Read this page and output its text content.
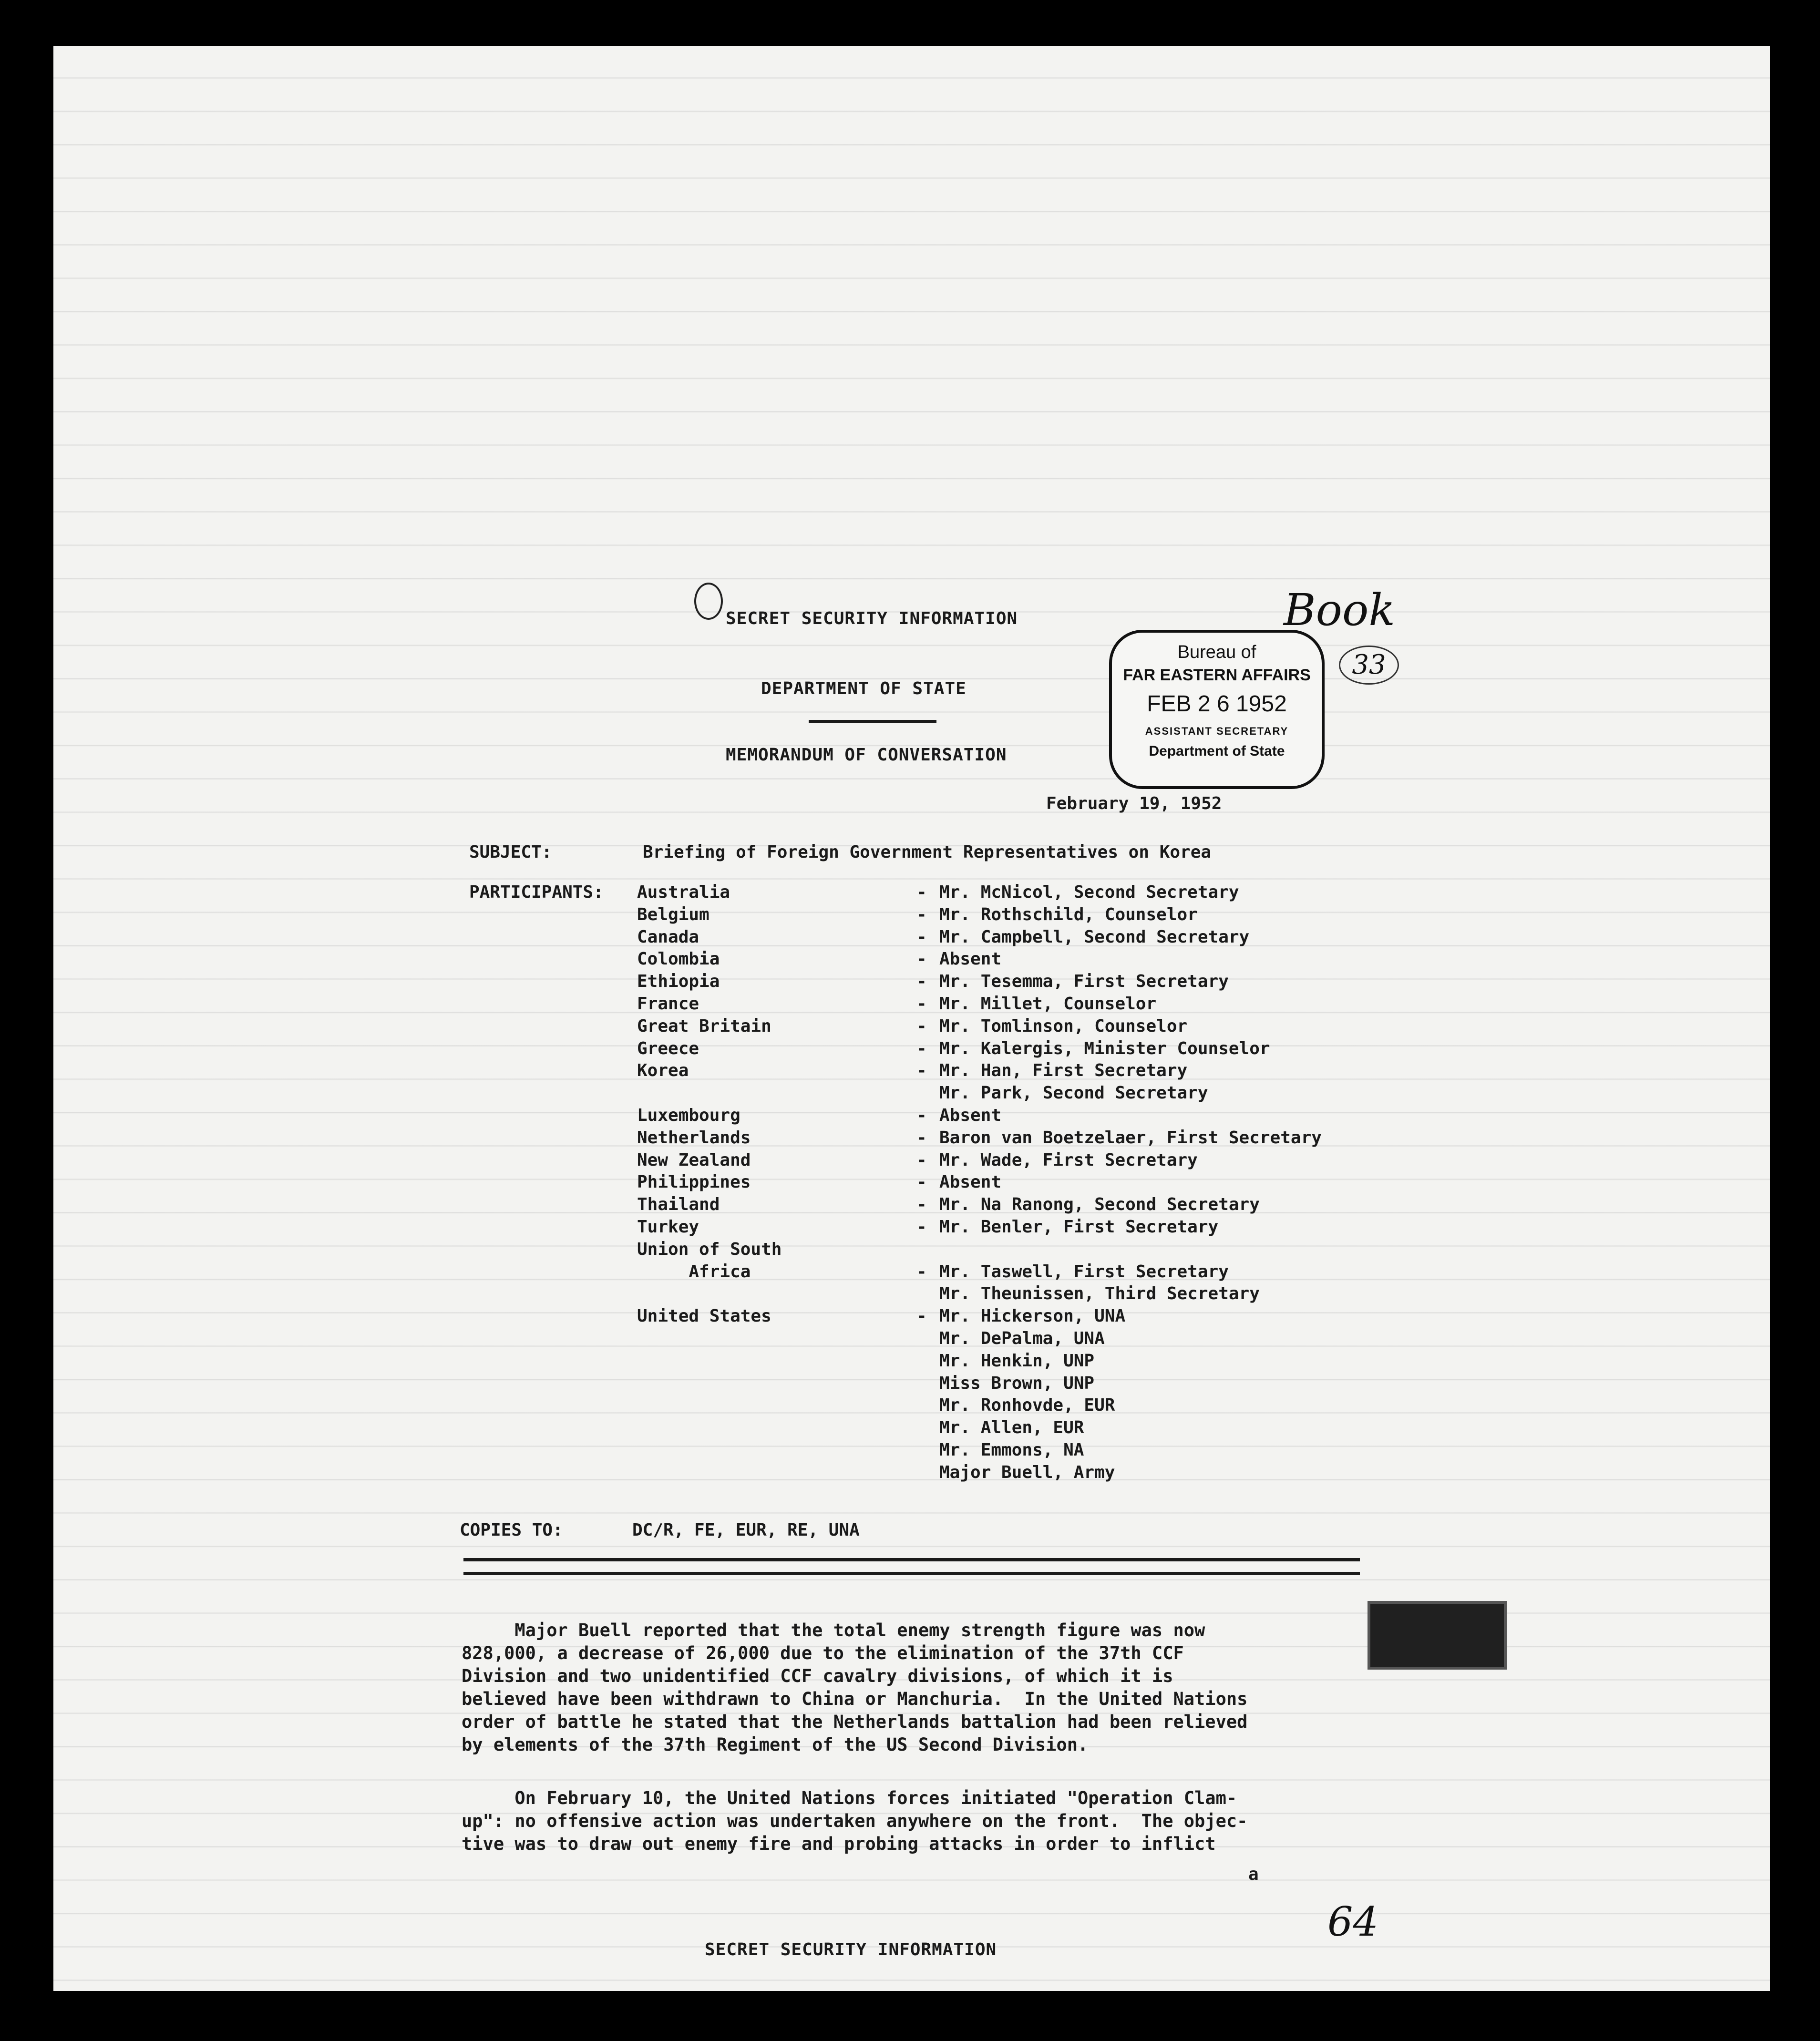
SECRET SECURITY INFORMATION
DEPARTMENT OF STATE
MEMORANDUM OF CONVERSATION
February 19, 1952
Bureau of
FAR EASTERN AFFAIRS
FEB 2 6 1952
ASSISTANT SECRETARY
Department of State
Book
33
64
SUBJECT:	Briefing of Foreign Government Representatives on Korea
PARTICIPANTS: Australia	- Mr. McNicol, Second Secretary
Belgium	- Mr. Rothschild, Counselor
Canada	- Mr. Campbell, Second Secretary
Colombia	- Absent
Ethiopia	- Mr. Tesemma, First Secretary
France	- Mr. Millet, Counselor
Great Britain	- Mr. Tomlinson, Counselor
Greece	- Mr. Kalergis, Minister Counselor
Korea	- Mr. Han, First Secretary
Mr. Park, Second Secretary
Luxembourg	- Absent
Netherlands	- Baron van Boetzelaer, First Secretary
New Zealand	- Mr. Wade, First Secretary
Philippines	- Absent
Thailand	- Mr. Na Ranong, Second Secretary
Turkey	- Mr. Benler, First Secretary
Union of South
Africa	- Mr. Taswell, First Secretary
Mr. Theunissen, Third Secretary
United States	- Mr. Hickerson, UNA
Mr. DePalma, UNA
Mr. Henkin, UNP
Miss Brown, UNP
Mr. Ronhovde, EUR
Mr. Allen, EUR
Mr. Emmons, NA
Major Buell, Army
COPIES TO:	DC/R, FE, EUR, RE, UNA
Major Buell reported that the total enemy strength figure was now
828,000, a decrease of 26,000 due to the elimination of the 37th CCF
Division and two unidentified CCF cavalry divisions, of which it is
believed have been withdrawn to China or Manchuria.  In the United Nations
order of battle he stated that the Netherlands battalion had been relieved
by elements of the 37th Regiment of the US Second Division.
On February 10, the United Nations forces initiated "Operation Clam-
up": no offensive action was undertaken anywhere on the front.  The objec-
tive was to draw out enemy fire and probing attacks in order to inflict
a
SECRET SECURITY INFORMATION
